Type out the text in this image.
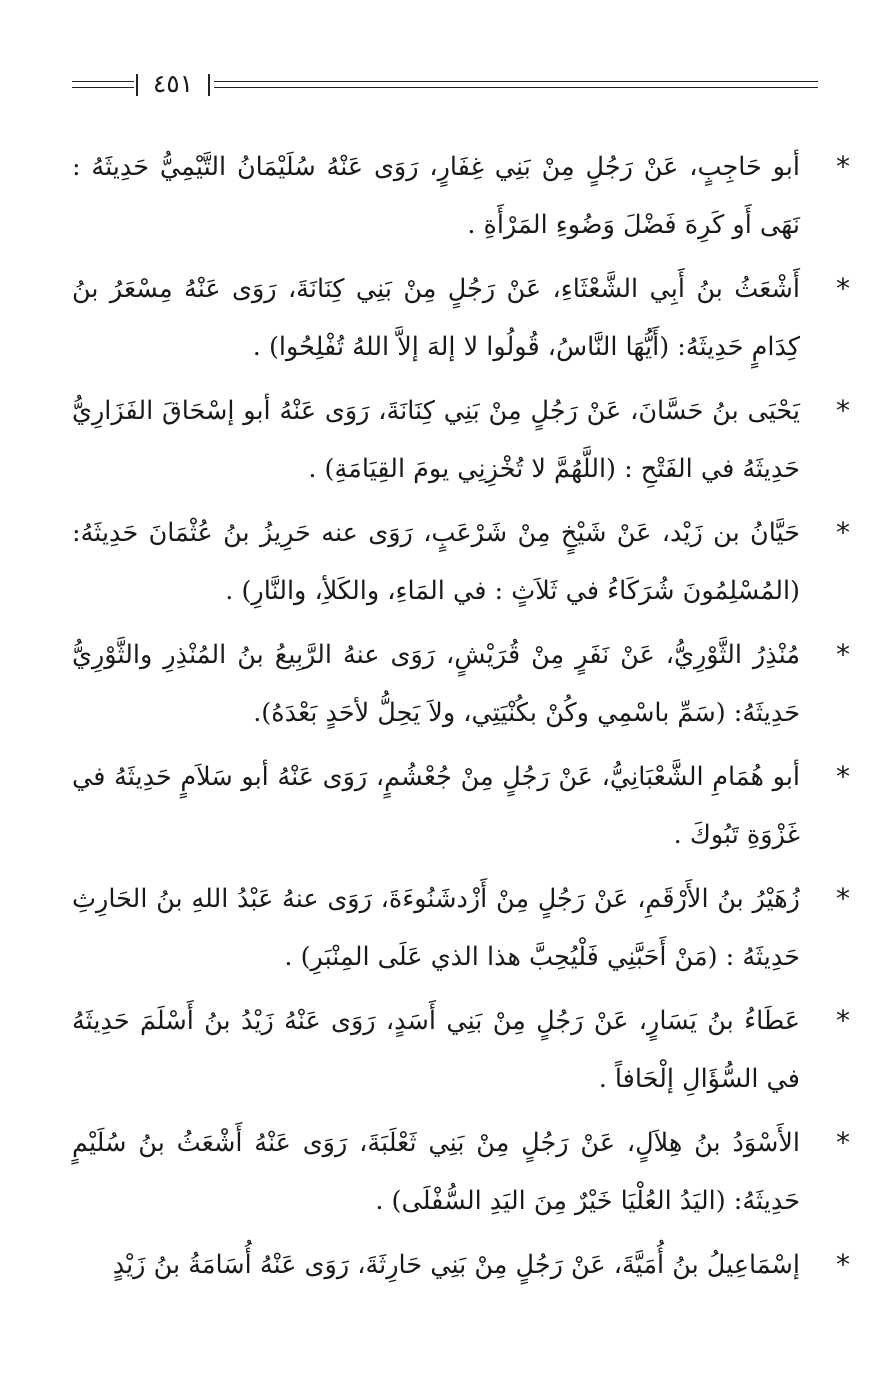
٤٥١
*
أبو حَاجِبٍ، عَنْ رَجُلٍ مِنْ بَنِي غِفَارٍ، رَوَى عَنْهُ سُلَيْمَانُ التَّيْمِيُّ حَدِيثَهُ : نَهَى أَو كَرِهَ فَضْلَ وَضُوءِ المَرْأَةِ .
*
أَشْعَثُ بنُ أَبِي الشَّعْثَاءِ، عَنْ رَجُلٍ مِنْ بَنِي كِنَانَةَ، رَوَى عَنْهُ مِسْعَرُ بنُ كِدَامٍ حَدِيثَهُ: (أَيُّهَا النَّاسُ، قُولُوا لا إلهَ إلاَّ اللهُ تُفْلِحُوا) .
*
يَحْيَى بنُ حَسَّانَ، عَنْ رَجُلٍ مِنْ بَنِي كِنَانَةَ، رَوَى عَنْهُ أبو إسْحَاقَ الفَزَارِيُّ حَدِيثَهُ في الفَتْحِ : (اللَّهُمَّ لا تُخْزِنِي يومَ القِيَامَةِ) .
*
حَيَّانُ بن زَيْد، عَنْ شَيْخٍ مِنْ شَرْعَبٍ، رَوَى عنه حَرِيزُ بنُ عُثْمَانَ حَدِيثَهُ: (المُسْلِمُونَ شُرَكَاءُ في ثَلاَثٍ : في المَاءِ، والكَلأِ، والنَّارِ) .
*
مُنْذِرُ الثَّوْرِيُّ، عَنْ نَفَرٍ مِنْ قُرَيْشٍ، رَوَى عنهُ الرَّبِيعُ بنُ المُنْذِرِ والثَّوْرِيُّ حَدِيثَهُ: (سَمِّ باسْمِي وكُنْ بكُنْيَتِي، ولاَ يَحِلُّ لأحَدٍ بَعْدَهُ).
*
أبو هُمَامِ الشَّعْبَانِيُّ، عَنْ رَجُلٍ مِنْ جُعْشُمٍ، رَوَى عَنْهُ أبو سَلاَمٍ حَدِيثَهُ في غَزْوَةِ تَبُوكَ .
*
زُهَيْرُ بنُ الأَرْقَمِ، عَنْ رَجُلٍ مِنْ أَزْدشَنُوءَةَ، رَوَى عنهُ عَبْدُ اللهِ بنُ الحَارِثِ حَدِيثَهُ : (مَنْ أَحَبَّنِي فَلْيُحِبَّ هذا الذي عَلَى المِنْبَرِ) .
*
عَطَاءُ بنُ يَسَارٍ، عَنْ رَجُلٍ مِنْ بَنِي أَسَدٍ، رَوَى عَنْهُ زَيْدُ بنُ أَسْلَمَ حَدِيثَهُ في السُّؤَالِ إلْحَافاً .
*
الأَسْوَدُ بنُ هِلاَلٍ، عَنْ رَجُلٍ مِنْ بَنِي ثَعْلَبَةَ، رَوَى عَنْهُ أَشْعَثُ بنُ سُلَيْمٍ حَدِيثَهُ: (اليَدُ العُلْيَا خَيْرٌ مِنَ اليَدِ السُّفْلَى) .
*
إسْمَاعِيلُ بنُ أُمَيَّةَ، عَنْ رَجُلٍ مِنْ بَنِي حَارِثَةَ، رَوَى عَنْهُ أُسَامَةُ بنُ زَيْدٍ
